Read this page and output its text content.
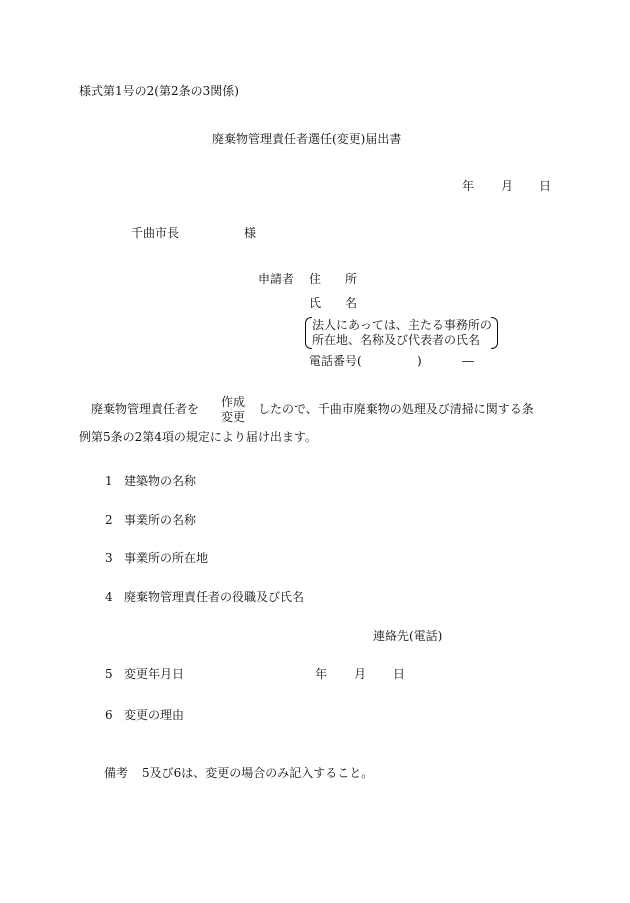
様式第1号の2(第2条の3関係)
廃棄物管理責任者選任(変更)届出書
年 月 日
千曲市長	様
申請者 住　　所
氏　　名
法人にあっては、主たる事務所の
所在地、名称及び代表者の氏名
電話番号(	)	―
廃棄物管理責任者を 作成
変更
したので、千曲市廃棄物の処理及び清掃に関する条
例第5条の2第4項の規定により届け出ます。
1 建築物の名称
2 事業所の名称
3 事業所の所在地
4 廃棄物管理責任者の役職及び氏名
連絡先(電話)
5 変更年月日	年 月 日
6 変更の理由
備考 5及び6は、変更の場合のみ記入すること。
